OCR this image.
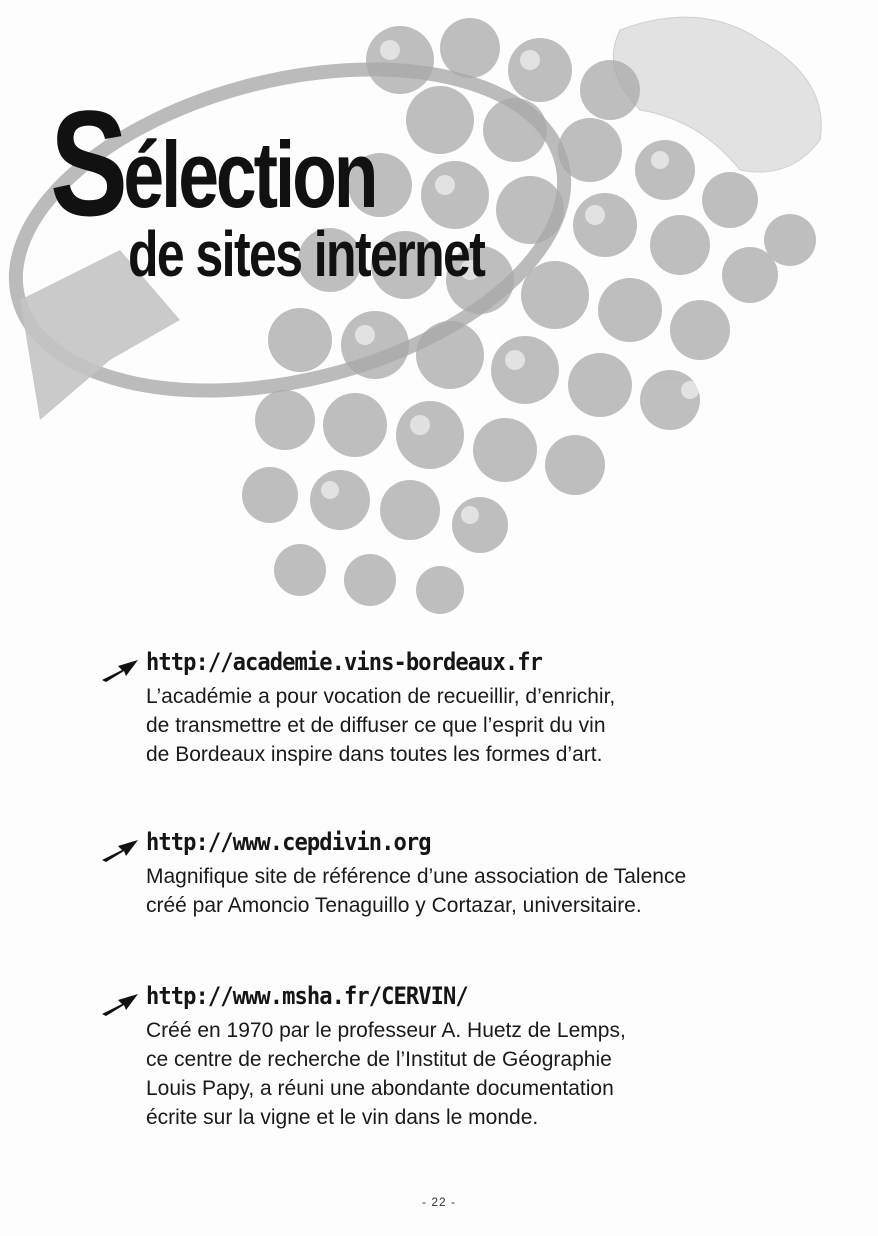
Sélection
de sites internet
http://academie.vins-bordeaux.fr
L’académie a pour vocation de recueillir, d’enrichir,
de transmettre et de diffuser ce que l’esprit du vin
de Bordeaux inspire dans toutes les formes d’art.
http://www.cepdivin.org
Magnifique site de référence d’une association de Talence
créé par Amoncio Tenaguillo y Cortazar, universitaire.
http://www.msha.fr/CERVIN/
Créé en 1970 par le professeur A. Huetz de Lemps,
ce centre de recherche de l’Institut de Géographie
Louis Papy, a réuni une abondante documentation
écrite sur la vigne et le vin dans le monde.
- 22 -
